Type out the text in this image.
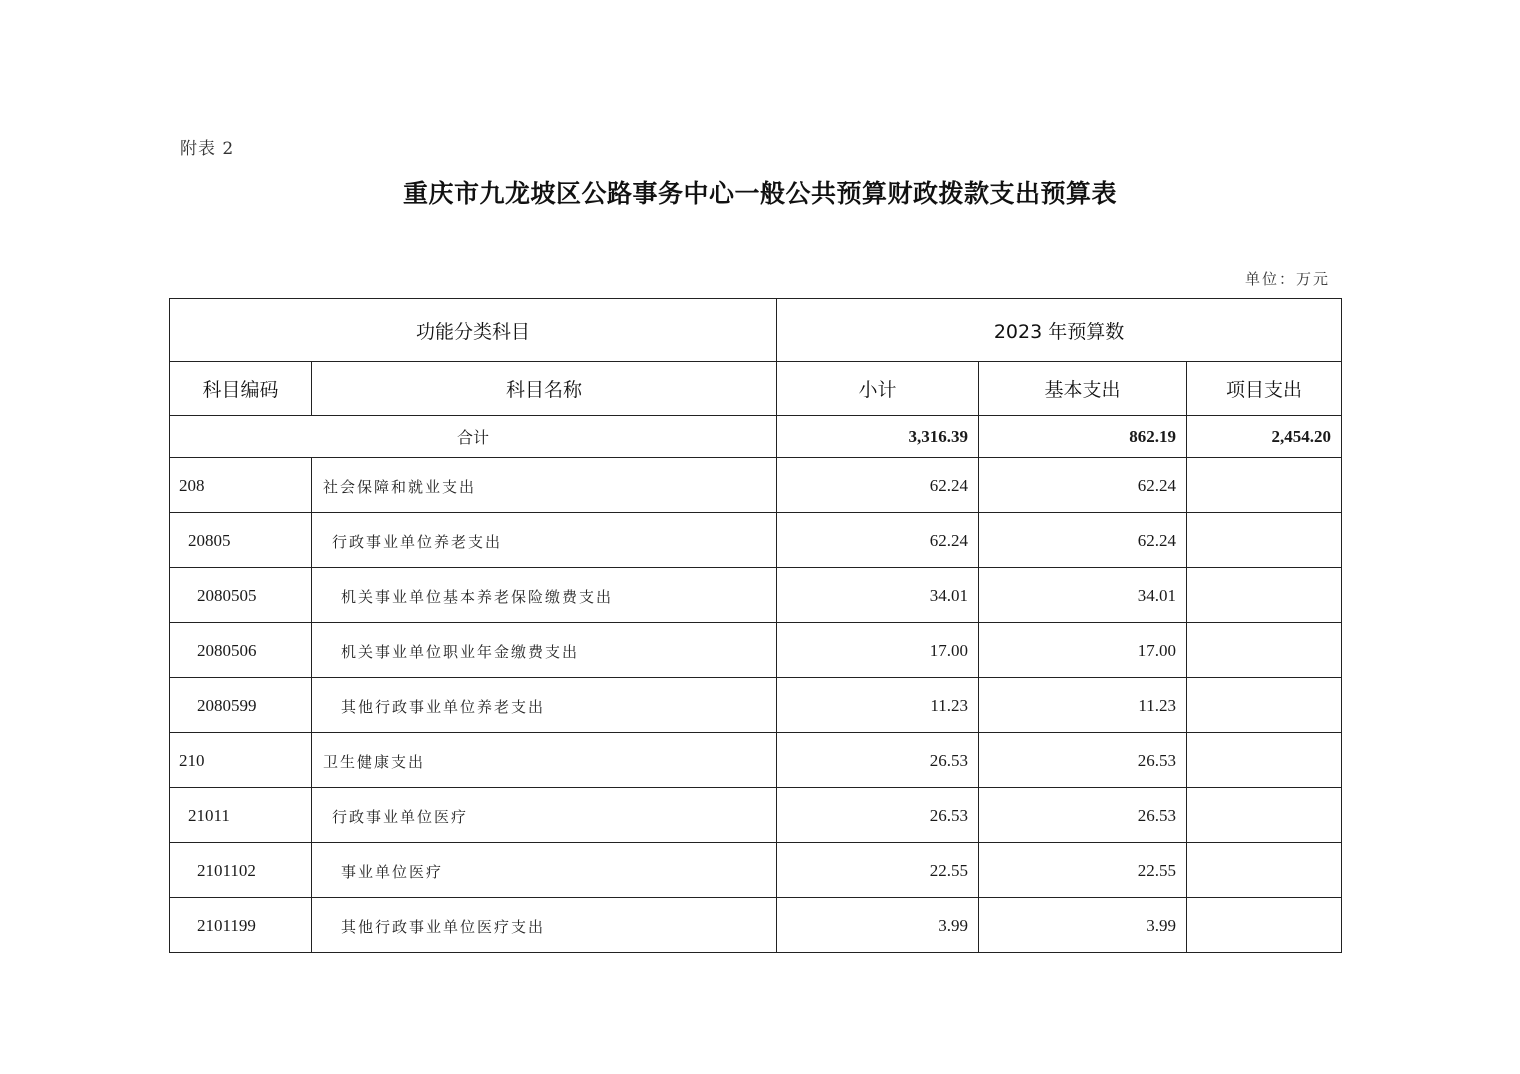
附表 2
重庆市九龙坡区公路事务中心一般公共预算财政拨款支出预算表
单位：万元
功能分类科目		2023 年预算数		
科目编码	科目名称	小计	基本支出	项目支出
合计		3,316.39	862.19	2,454.20
208	社会保障和就业支出	62.24	62.24	
20805	行政事业单位养老支出	62.24	62.24	
2080505	机关事业单位基本养老保险缴费支出	34.01	34.01	
2080506	机关事业单位职业年金缴费支出	17.00	17.00	
2080599	其他行政事业单位养老支出	11.23	11.23	
210	卫生健康支出	26.53	26.53	
21011	行政事业单位医疗	26.53	26.53	
2101102	事业单位医疗	22.55	22.55	
2101199	其他行政事业单位医疗支出	3.99	3.99	
